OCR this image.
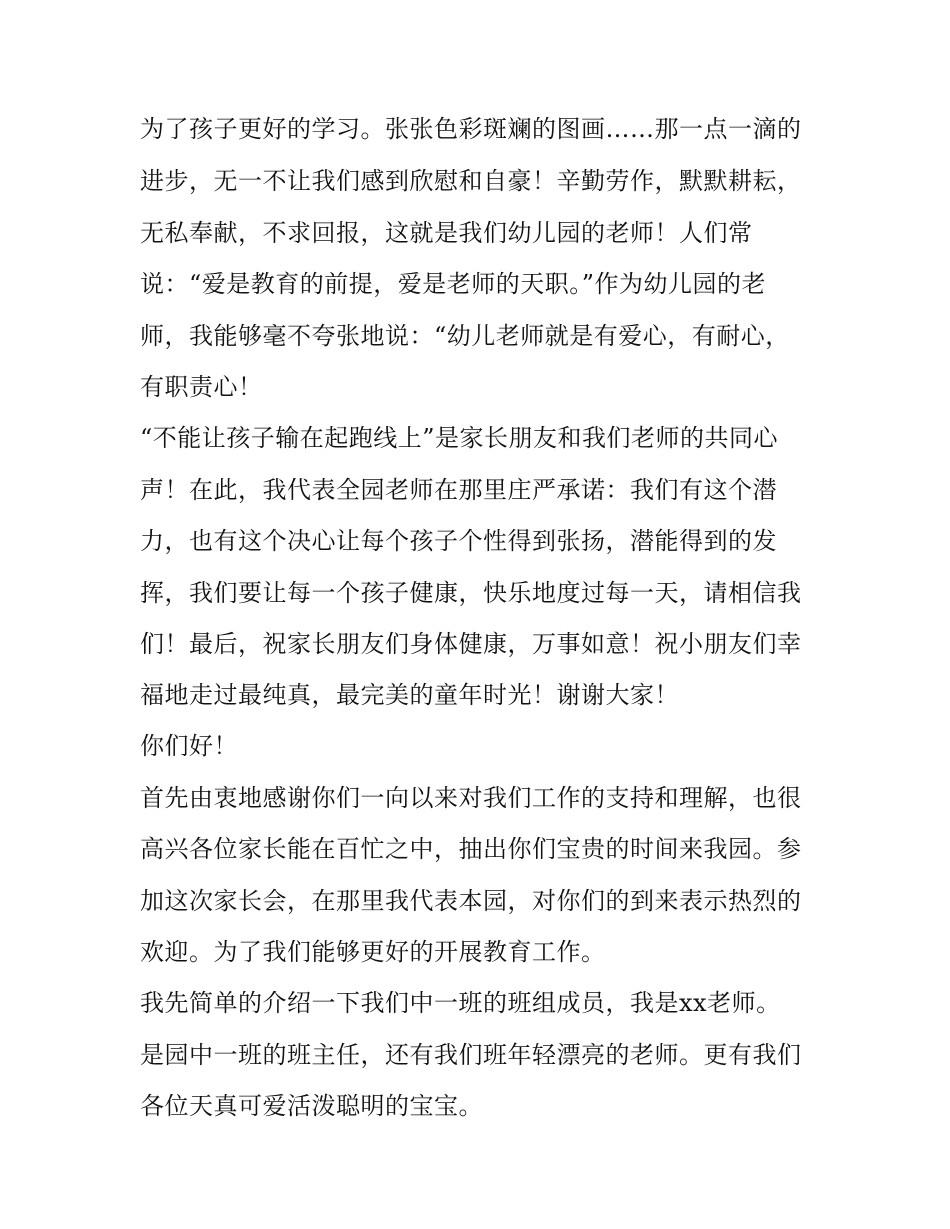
为了孩子更好的学习。张张色彩斑斓的图画……那一点一滴的
进步，无一不让我们感到欣慰和自豪！辛勤劳作，默默耕耘，
无私奉献，不求回报，这就是我们幼儿园的老师！人们常
说：“爱是教育的前提，爱是老师的天职。”作为幼儿园的老
师，我能够毫不夸张地说：“幼儿老师就是有爱心，有耐心，
有职责心！
“不能让孩子输在起跑线上”是家长朋友和我们老师的共同心
声！在此，我代表全园老师在那里庄严承诺：我们有这个潜
力，也有这个决心让每个孩子个性得到张扬，潜能得到的发
挥，我们要让每一个孩子健康，快乐地度过每一天，请相信我
们！最后，祝家长朋友们身体健康，万事如意！祝小朋友们幸
福地走过最纯真，最完美的童年时光！谢谢大家！
你们好！
首先由衷地感谢你们一向以来对我们工作的支持和理解，也很
高兴各位家长能在百忙之中，抽出你们宝贵的时间来我园。参
加这次家长会，在那里我代表本园，对你们的到来表示热烈的
欢迎。为了我们能够更好的开展教育工作。
我先简单的介绍一下我们中一班的班组成员，我是xx老师。
是园中一班的班主任，还有我们班年轻漂亮的老师。更有我们
各位天真可爱活泼聪明的宝宝。
